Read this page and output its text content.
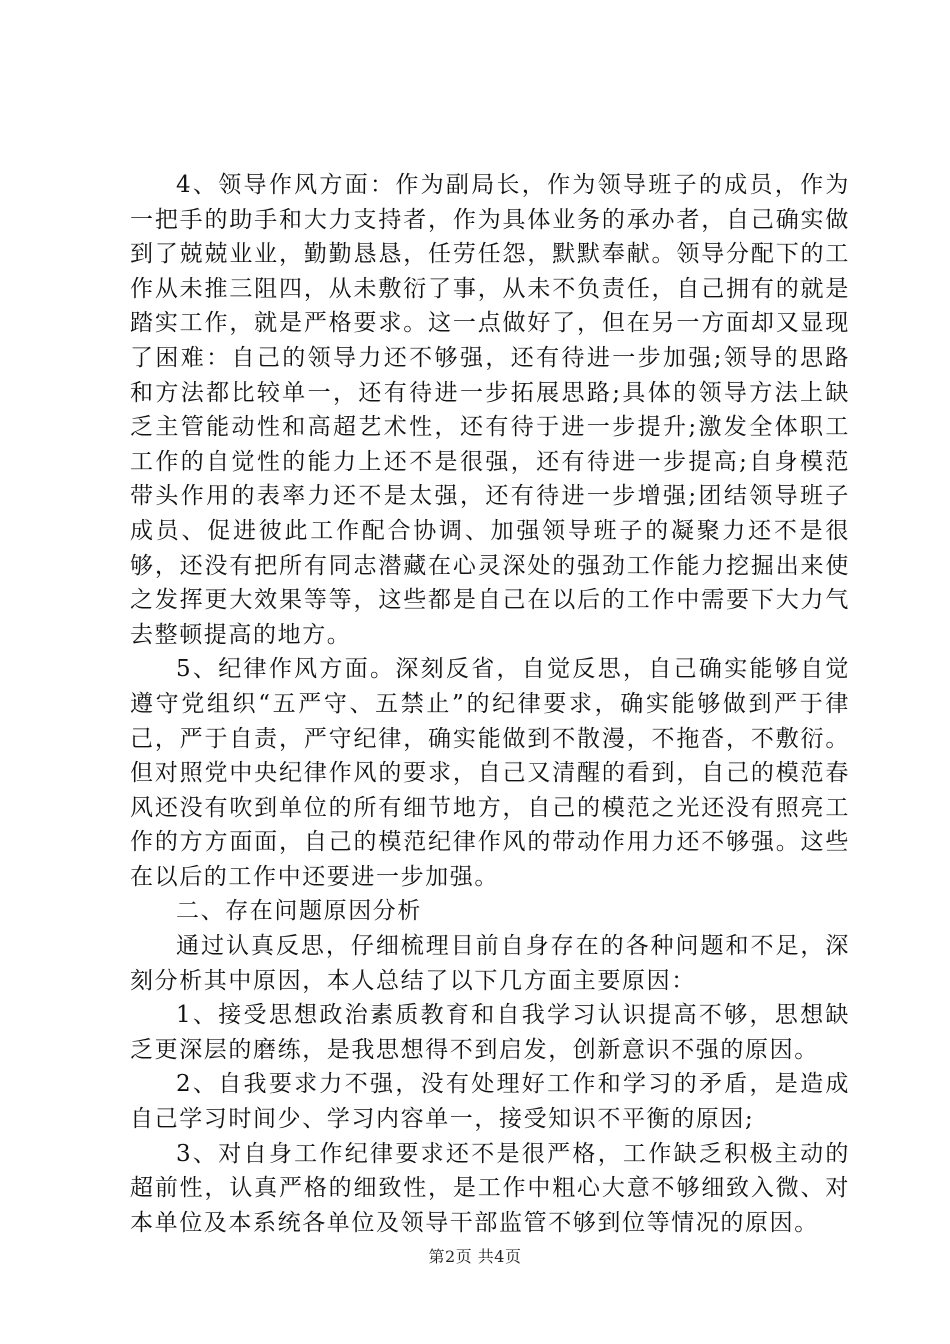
4、领导作风方面：作为副局长，作为领导班子的成员，作为一把手的助手和大力支持者，作为具体业务的承办者，自己确实做到了兢兢业业，勤勤恳恳，任劳任怨，默默奉献。领导分配下的工作从未推三阻四，从未敷衍了事，从未不负责任，自己拥有的就是踏实工作，就是严格要求。这一点做好了，但在另一方面却又显现了困难：自己的领导力还不够强，还有待进一步加强;领导的思路和方法都比较单一，还有待进一步拓展思路;具体的领导方法上缺乏主管能动性和高超艺术性，还有待于进一步提升;激发全体职工工作的自觉性的能力上还不是很强，还有待进一步提高;自身模范带头作用的表率力还不是太强，还有待进一步增强;团结领导班子成员、促进彼此工作配合协调、加强领导班子的凝聚力还不是很够，还没有把所有同志潜藏在心灵深处的强劲工作能力挖掘出来使之发挥更大效果等等，这些都是自己在以后的工作中需要下大力气去整顿提高的地方。

5、纪律作风方面。深刻反省，自觉反思，自己确实能够自觉遵守党组织“五严守、五禁止”的纪律要求，确实能够做到严于律己，严于自责，严守纪律，确实能做到不散漫，不拖沓，不敷衍。但对照党中央纪律作风的要求，自己又清醒的看到，自己的模范春风还没有吹到单位的所有细节地方，自己的模范之光还没有照亮工作的方方面面，自己的模范纪律作风的带动作用力还不够强。这些在以后的工作中还要进一步加强。

二、存在问题原因分析

通过认真反思，仔细梳理目前自身存在的各种问题和不足，深刻分析其中原因，本人总结了以下几方面主要原因：

1、接受思想政治素质教育和自我学习认识提高不够，思想缺乏更深层的磨练，是我思想得不到启发，创新意识不强的原因。

2、自我要求力不强，没有处理好工作和学习的矛盾，是造成自己学习时间少、学习内容单一，接受知识不平衡的原因;

3、对自身工作纪律要求还不是很严格，工作缺乏积极主动的超前性，认真严格的细致性，是工作中粗心大意不够细致入微、对本单位及本系统各单位及领导干部监管不够到位等情况的原因。

第2页 共4页
